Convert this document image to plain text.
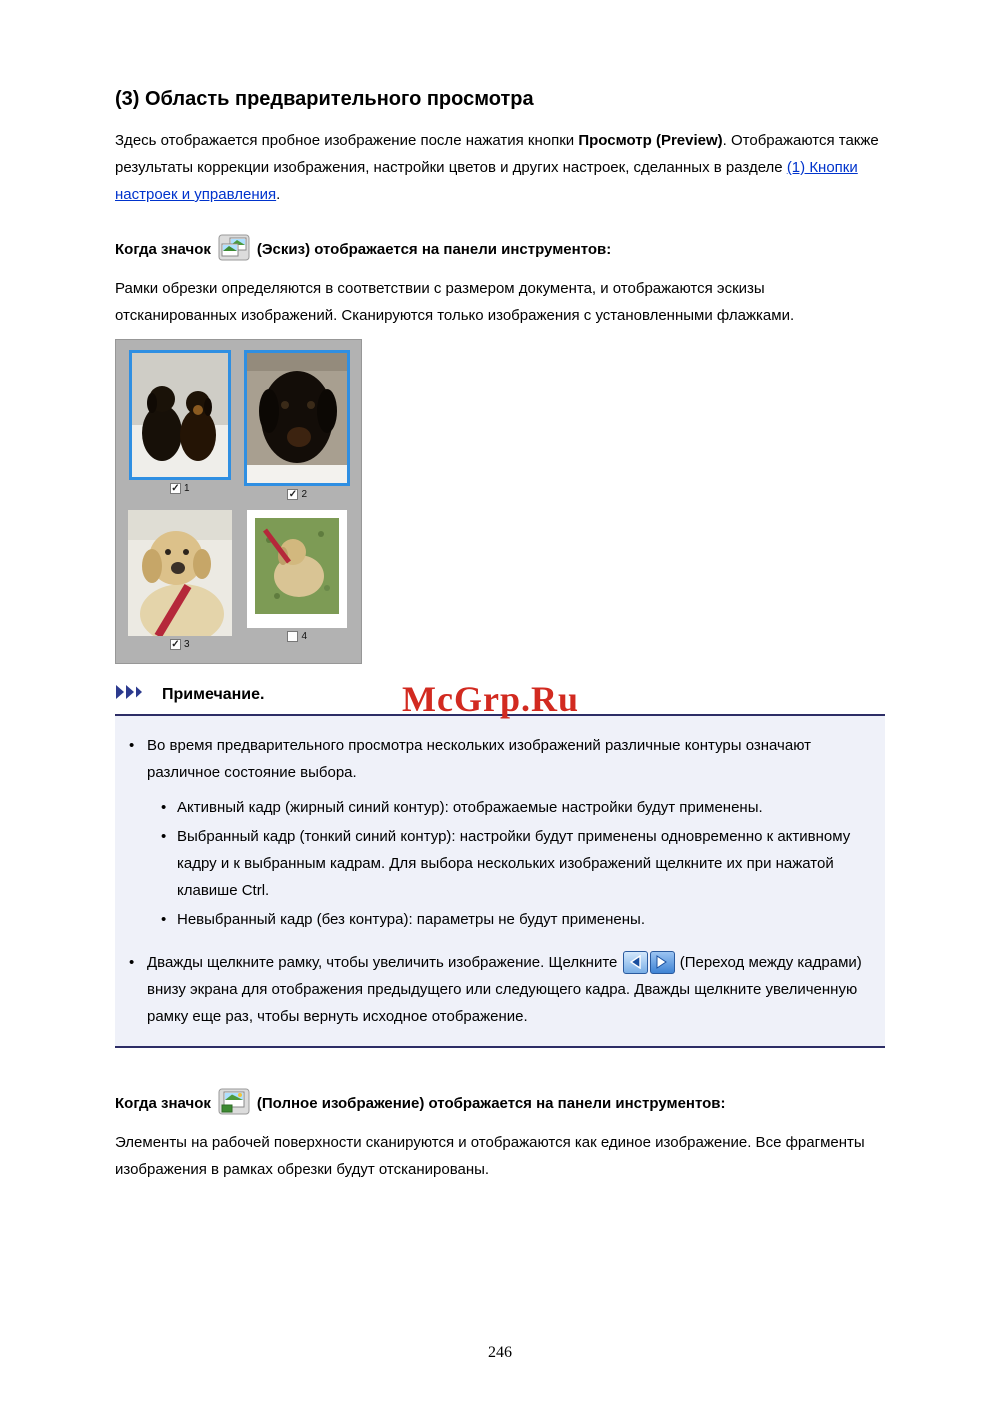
(3) Область предварительного просмотра

Здесь отображается пробное изображение после нажатия кнопки Просмотр (Preview). Отображаются также результаты коррекции изображения, настройки цветов и других настроек, сделанных в разделе (1) Кнопки настроек и управления.

Когда значок	(Эскиз) отображается на панели инструментов:

Рамки обрезки определяются в соответствии с размером документа, и отображаются эскизы отсканированных изображений. Сканируются только изображения с установленными флажками.

✓ 1
✓ 2
✓ 3
4
Примечание.
• Во время предварительного просмотра нескольких изображений различные контуры означают различное состояние выбора.
• Активный кадр (жирный синий контур): отображаемые настройки будут применены.
• Выбранный кадр (тонкий синий контур): настройки будут применены одновременно к активному кадру и к выбранным кадрам. Для выбора нескольких изображений щелкните их при нажатой клавише Ctrl.
• Невыбранный кадр (без контура): параметры не будут применены.
• Дважды щелкните рамку, чтобы увеличить изображение. Щелкните	(Переход между кадрами) внизу экрана для отображения предыдущего или следующего кадра. Дважды щелкните увеличенную рамку еще раз, чтобы вернуть исходное отображение.
Когда значок	(Полное изображение) отображается на панели инструментов:

Элементы на рабочей поверхности сканируются и отображаются как единое изображение. Все фрагменты изображения в рамках обрезки будут отсканированы.

McGrp.Ru
246
